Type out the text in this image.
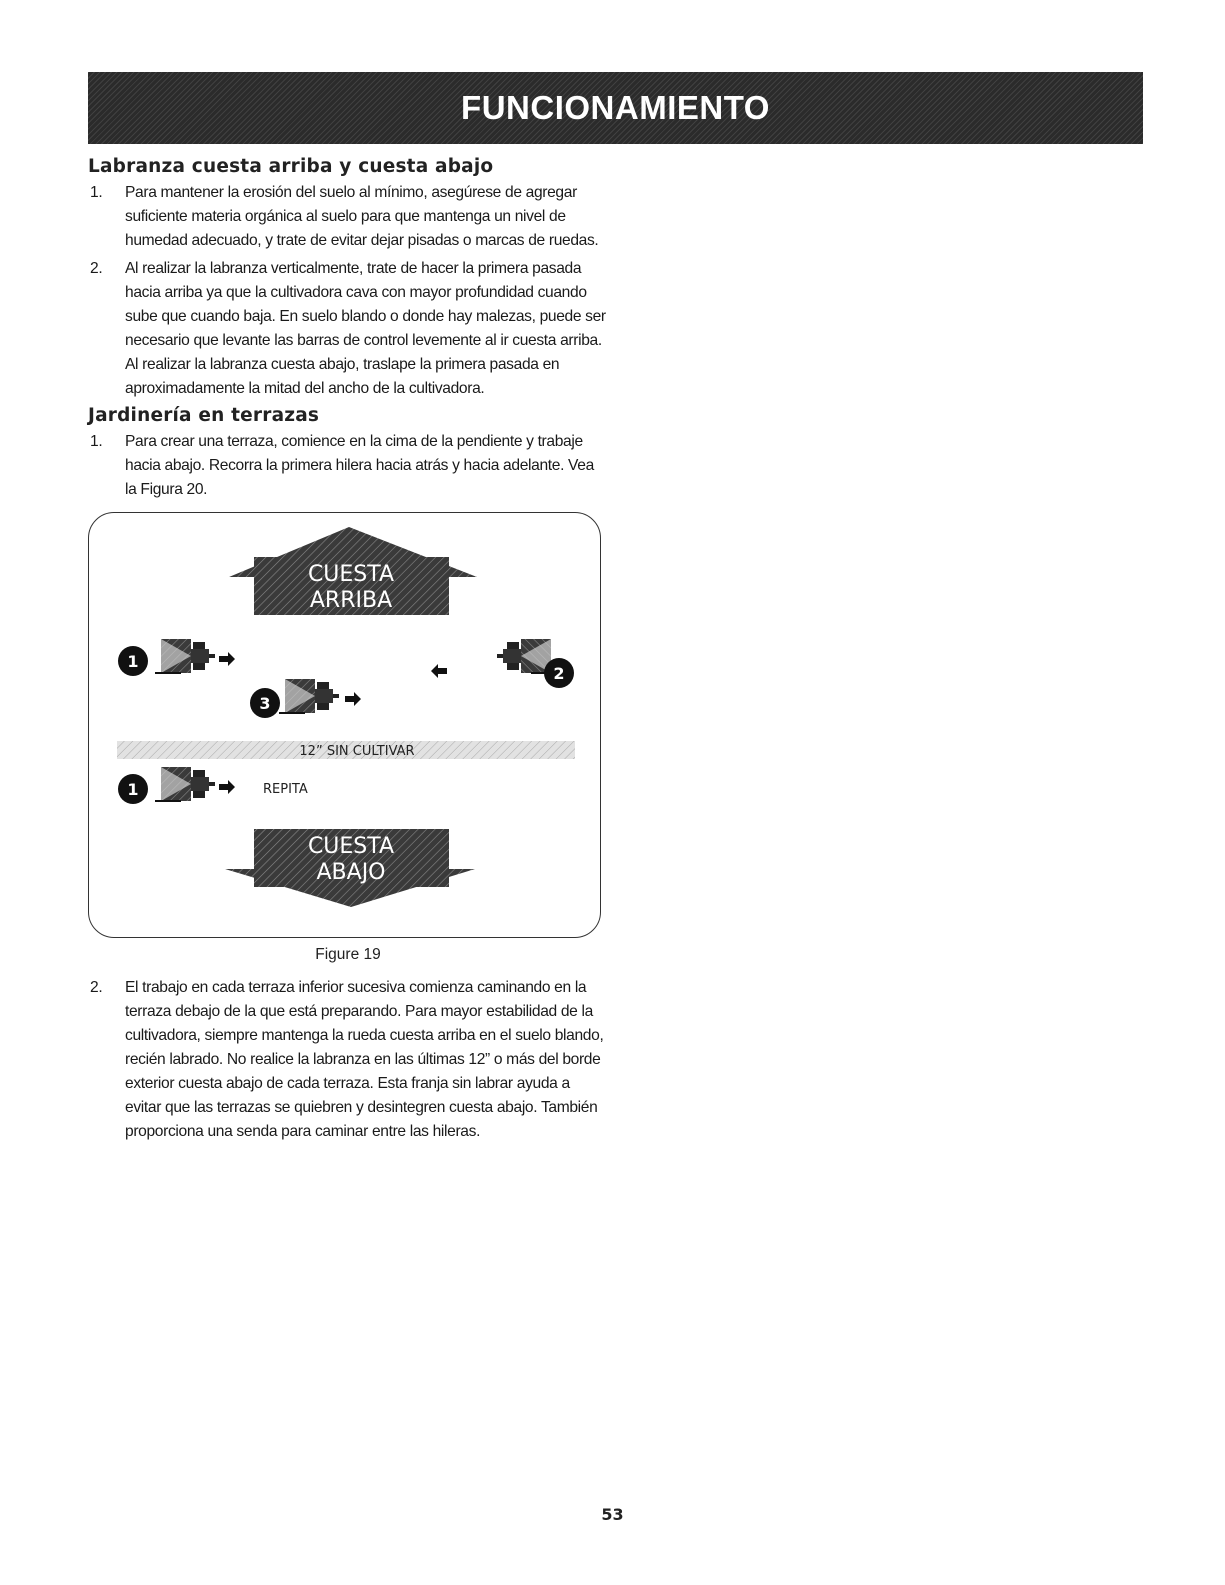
FUNCIONAMIENTO
Labranza cuesta arriba y cuesta abajo
1. Para mantener la erosión del suelo al mínimo, asegúrese de agregar suficiente materia orgánica al suelo para que mantenga un nivel de humedad adecuado, y trate de evitar dejar pisadas o marcas de ruedas.
2. Al realizar la labranza verticalmente, trate de hacer la primera pasada hacia arriba ya que la cultivadora cava con mayor profundidad cuando sube que cuando baja. En suelo blando o donde hay malezas, puede ser necesario que levante las barras de control levemente al ir cuesta arriba. Al realizar la labranza cuesta abajo, traslape la primera pasada en aproximadamente la mitad del ancho de la cultivadora.
Jardinería en terrazas
1. Para crear una terraza, comience en la cima de la pendiente y trabaje hacia abajo. Recorra la primera hilera hacia atrás y hacia adelante. Vea la Figura 20.
CUESTA
ARRIBA
1
2
3
12” SIN CULTIVAR
1	REPITA
CUESTA
ABAJO
Figure 19
2. El trabajo en cada terraza inferior sucesiva comienza caminando en la terraza debajo de la que está preparando. Para mayor estabilidad de la cultivadora, siempre mantenga la rueda cuesta arriba en el suelo blando, recién labrado. No realice la labranza en las últimas 12” o más del borde exterior cuesta abajo de cada terraza. Esta franja sin labrar ayuda a evitar que las terrazas se quiebren y desintegren cuesta abajo. También proporciona una senda para caminar entre las hileras.
53
